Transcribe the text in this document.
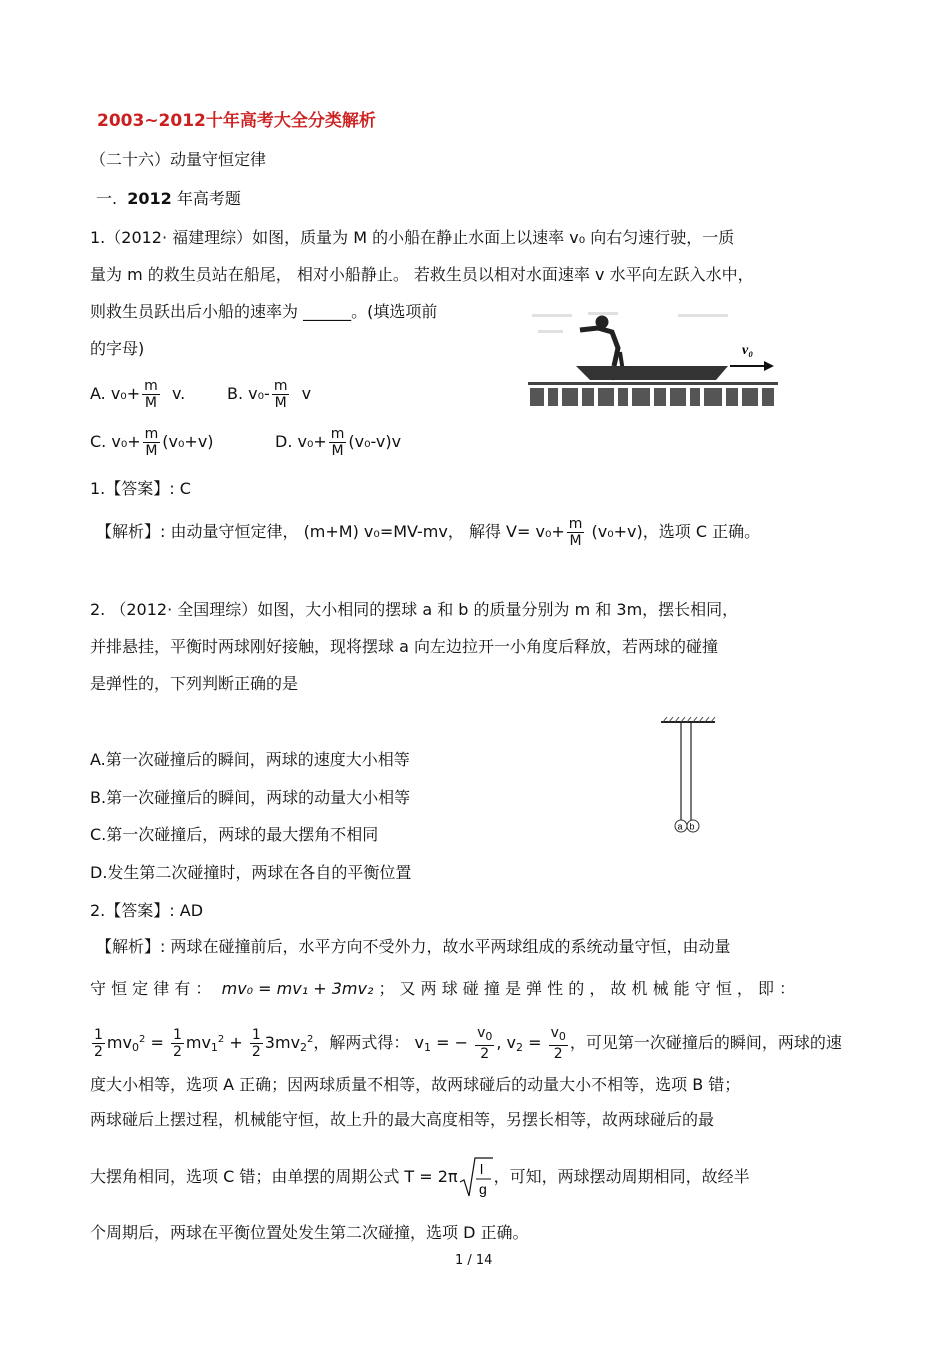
2003~2012十年高考大全分类解析
（二十六）动量守恒定律
一. 2012 年高考题
1.（2012· 福建理综）如图，质量为 M 的小船在静止水面上以速率 v₀ 向右匀速行驶，一质
量为 m 的救生员站在船尾， 相对小船静止。 若救生员以相对水面速率 v 水平向左跃入水中，
则救生员跃出后小船的速率为 ______。(填选项前
的字母)
A. $v_0+ \frac{m}{M} v$.	B. $v_0- \frac{m}{M}$ v
C. $v_0+ \frac{m}{M} (v_0+v)$	D. $v_0+ \frac{m}{M} (v_0-v)v$
v₀
1.【答案】: C
【解析】: 由动量守恒定律， (m+M) v₀=MV-mv， 解得 $V= v_0+ \frac{m}{M} (v_0+v)$，选项 C 正确。
2. （2012· 全国理综）如图，大小相同的摆球 a 和 b 的质量分别为 m 和 3m，摆长相同，
并排悬挂，平衡时两球刚好接触，现将摆球 a 向左边拉开一小角度后释放，若两球的碰撞
是弹性的，下列判断正确的是
a b
A.第一次碰撞后的瞬间，两球的速度大小相等
B.第一次碰撞后的瞬间，两球的动量大小相等
C.第一次碰撞后，两球的最大摆角不相同
D.发生第二次碰撞时，两球在各自的平衡位置
2.【答案】: AD
【解析】: 两球在碰撞前后，水平方向不受外力，故水平两球组成的系统动量守恒，由动量
守 恒 定 律 有 ： mv₀ = mv₁ + 3mv₂ ； 又 两 球 碰 撞 是 弹 性 的 ， 故 机 械 能 守 恒 ， 即 ：
$\frac{1}{2} mv_0^2 = \frac{1}{2} mv_1^2 + \frac{1}{2} 3mv_2^2$，解两式得： $v_1$ = − $\frac{v_0}{2}$ , $v_2 = \frac{v_0}{2}$ ，可见第一次碰撞后的瞬间，两球的速
度大小相等，选项 A 正确；因两球质量不相等，故两球碰后的动量大小不相等，选项 B 错；
两球碰后上摆过程，机械能守恒，故上升的最大高度相等，另摆长相等，故两球碰后的最
大摆角相同，选项 C 错；由单摆的周期公式 T = 2π l
g
，可知，两球摆动周期相同，故经半
个周期后，两球在平衡位置处发生第二次碰撞，选项 D 正确。
1 / 14
